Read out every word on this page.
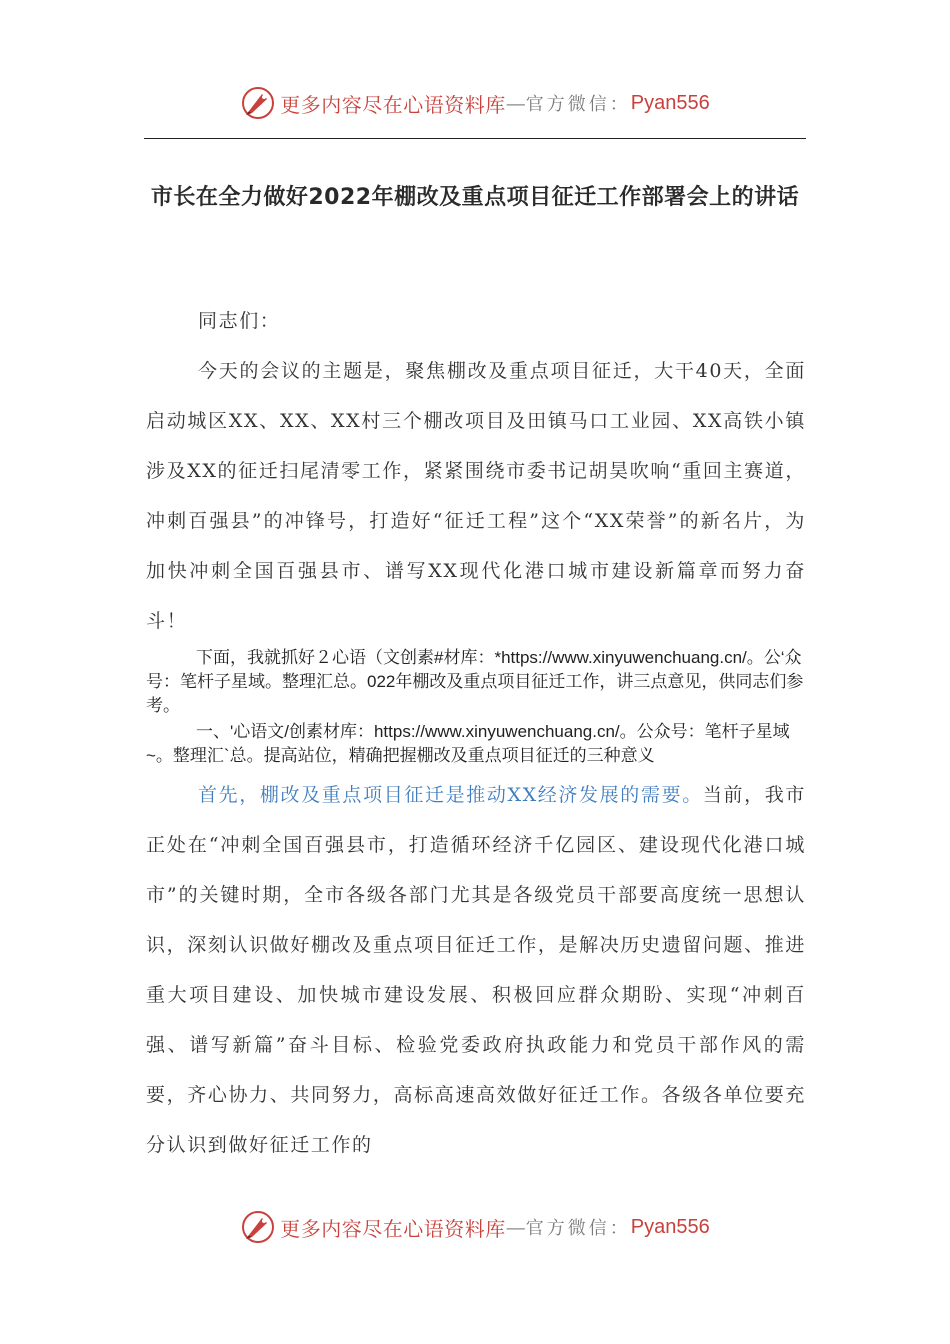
更多内容尽在心语资料库 — 官方微信： Pyan556
市长在全力做好2022年棚改及重点项目征迁工作部署会上的讲话
同志们：
今天的会议的主题是，聚焦棚改及重点项目征迁，大干40天，全面启动城区XX、XX、XX村三个棚改项目及田镇马口工业园、XX高铁小镇涉及XX的征迁扫尾清零工作，紧紧围绕市委书记胡昊吹响“重回主赛道，冲刺百强县”的冲锋号，打造好“征迁工程”这个“XX荣誉”的新名片，为加快冲刺全国百强县市、谱写XX现代化港口城市建设新篇章而努力奋斗！
下面，我就抓好２心语（文创素#材库：*https://www.xinyuwenchuang.cn/。公‘众号：笔杆子星域。整理汇总。022年棚改及重点项目征迁工作，讲三点意见，供同志们参考。
一、'心语文/创素材库：https://www.xinyuwenchuang.cn/。公众号：笔杆子星域~。整理汇`总。提高站位，精确把握棚改及重点项目征迁的三种意义
首先，棚改及重点项目征迁是推动XX经济发展的需要。当前，我市正处在“冲刺全国百强县市，打造循环经济千亿园区、建设现代化港口城市”的关键时期，全市各级各部门尤其是各级党员干部要高度统一思想认识，深刻认识做好棚改及重点项目征迁工作，是解决历史遗留问题、推进重大项目建设、加快城市建设发展、积极回应群众期盼、实现“冲刺百强、谱写新篇”奋斗目标、检验党委政府执政能力和党员干部作风的需要，齐心协力、共同努力，高标高速高效做好征迁工作。各级各单位要充分认识到做好征迁工作的
更多内容尽在心语资料库 — 官方微信： Pyan556
